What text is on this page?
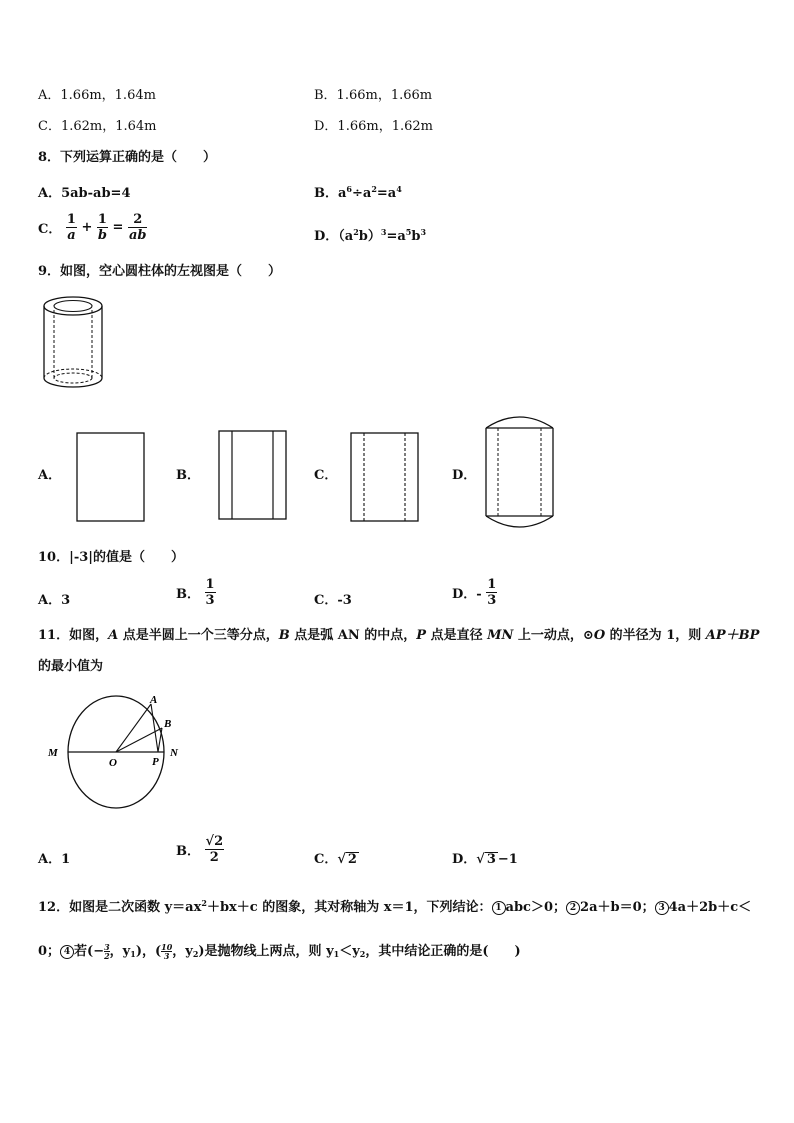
A．1.66m，1.64m	B．1.66m，1.66m
C．1.62m，1.64m	D．1.66m，1.62m
8．下列运算正确的是（　　）
A．5ab-ab=4	B．$a^6\div a^2=a^4$
C． $\frac{1}{a} + \frac{1}{b} = \frac{2}{ab}$	D．$(a^2b)^3=a^5b^3$
9．如图，空心圆柱体的左视图是（　　）
A．	B．	C．	D．
10．|-3|的值是（　　）
A．3	B． $\frac{1}{3}$	C．-3	D．- $\frac{1}{3}$
11．如图，A 点是半圆上一个三等分点，B 点是弧 AN 的中点，P 点是直径 MN 上一动点，⊙O 的半径为 1，则 AP＋BP
的最小值为
A
B
M
O	P
N
A．1
B． $\frac{√2}{2}$	C．√ 2	D．√ 3 −1
12．如图是二次函数 $y=ax^2+bx+c$ 的图象，其对称轴为 x＝1，下列结论： 1 abc＞0； 2 2a＋b＝0； 3 4a＋2b＋c＜
0； 4 若($-\frac{3}{2}$ ，$y_1$)，($\frac{10}{3}$ ，$y_2$)是抛物线上两点，则 $y_1<y_2$，其中结论正确的是(　　)
